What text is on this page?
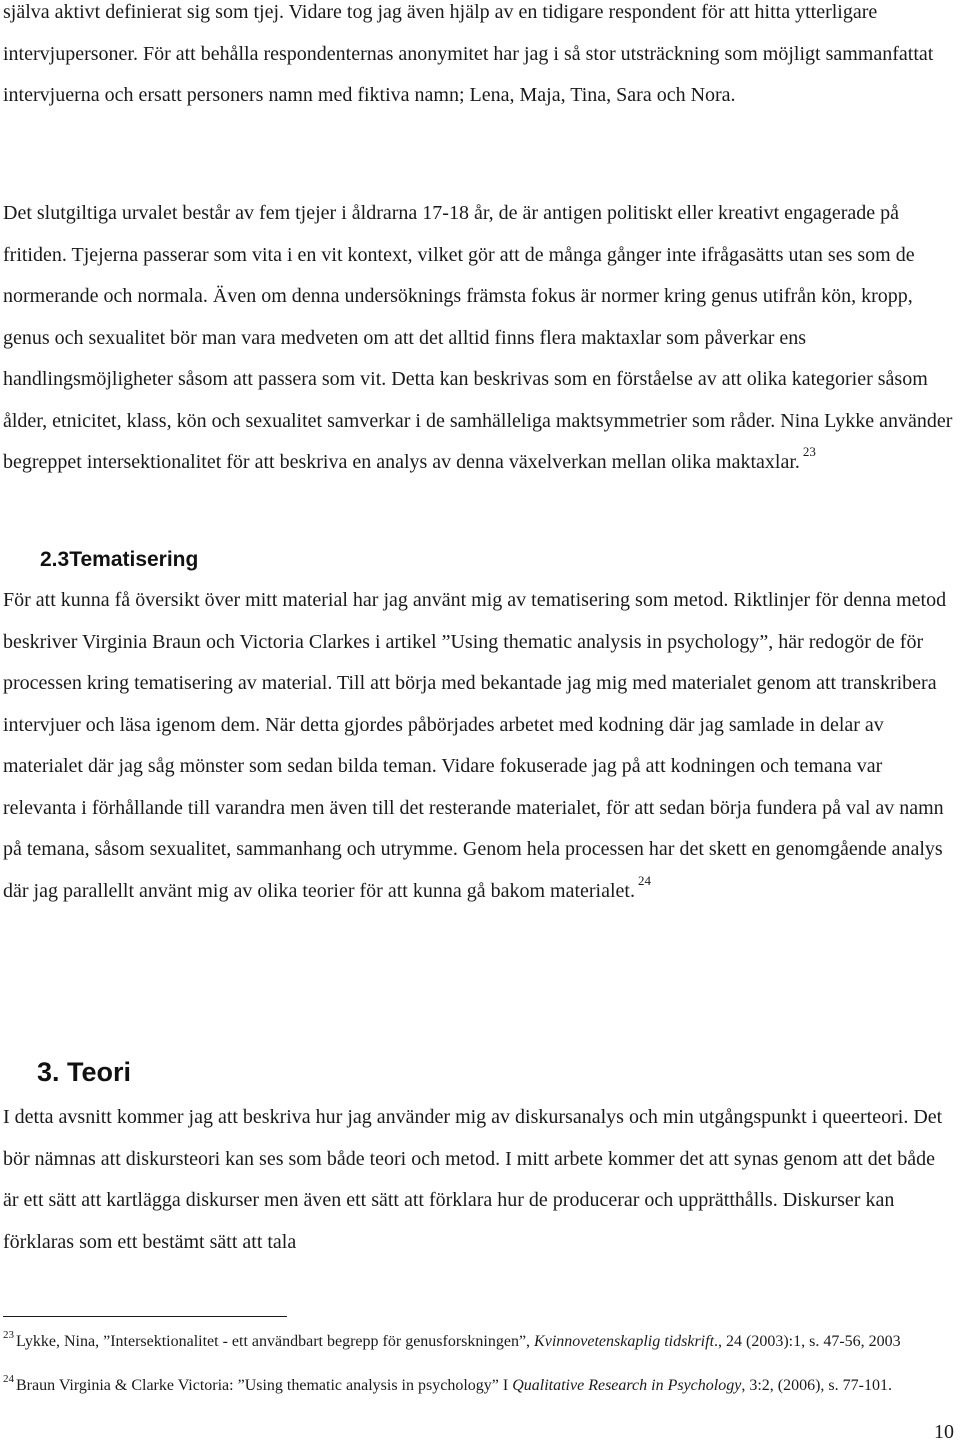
själva aktivt definierat sig som tjej. Vidare tog jag även hjälp av en tidigare respondent för att hitta ytterligare intervjupersoner. För att behålla respondenternas anonymitet har jag i så stor utsträckning som möjligt sammanfattat intervjuerna och ersatt personers namn med fiktiva namn; Lena, Maja, Tina, Sara och Nora.

Det slutgiltiga urvalet består av fem tjejer i åldrarna 17-18 år, de är antigen politiskt eller kreativt engagerade på fritiden. Tjejerna passerar som vita i en vit kontext, vilket gör att de många gånger inte ifrågasätts utan ses som de normerande och normala. Även om denna undersöknings främsta fokus är normer kring genus utifrån kön, kropp, genus och sexualitet bör man vara medveten om att det alltid finns flera maktaxlar som påverkar ens handlingsmöjligheter såsom att passera som vit. Detta kan beskrivas som en förståelse av att olika kategorier såsom ålder, etnicitet, klass, kön och sexualitet samverkar i de samhälleliga maktsymmetrier som råder. Nina Lykke använder begreppet intersektionalitet för att beskriva en analys av denna växelverkan mellan olika maktaxlar. $^{23}$

2.3Tematisering

För att kunna få översikt över mitt material har jag använt mig av tematisering som metod. Riktlinjer för denna metod beskriver Virginia Braun och Victoria Clarkes i artikel ”Using thematic analysis in psychology”, här redogör de för processen kring tematisering av material. Till att börja med bekantade jag mig med materialet genom att transkribera intervjuer och läsa igenom dem. När detta gjordes påbörjades arbetet med kodning där jag samlade in delar av materialet där jag såg mönster som sedan bilda teman. Vidare fokuserade jag på att kodningen och temana var relevanta i förhållande till varandra men även till det resterande materialet, för att sedan börja fundera på val av namn på temana, såsom sexualitet, sammanhang och utrymme. Genom hela processen har det skett en genomgående analys där jag parallellt använt mig av olika teorier för att kunna gå bakom materialet. $^{24}$

3. Teori

I detta avsnitt kommer jag att beskriva hur jag använder mig av diskursanalys och min utgångspunkt i queerteori. Det bör nämnas att diskursteori kan ses som både teori och metod. I mitt arbete kommer det att synas genom att det både är ett sätt att kartlägga diskurser men även ett sätt att förklara hur de producerar och upprätthålls. Diskurser kan förklaras som ett bestämt sätt att tala

$^{23}$ Lykke, Nina, ”Intersektionalitet - ett användbart begrepp för genusforskningen”, Kvinnovetenskaplig tidskrift., 24 (2003):1, s. 47-56, 2003

$^{24}$ Braun Virginia & Clarke Victoria: ”Using thematic analysis in psychology” I Qualitative Research in Psychology, 3:2, (2006), s. 77-101.

10
